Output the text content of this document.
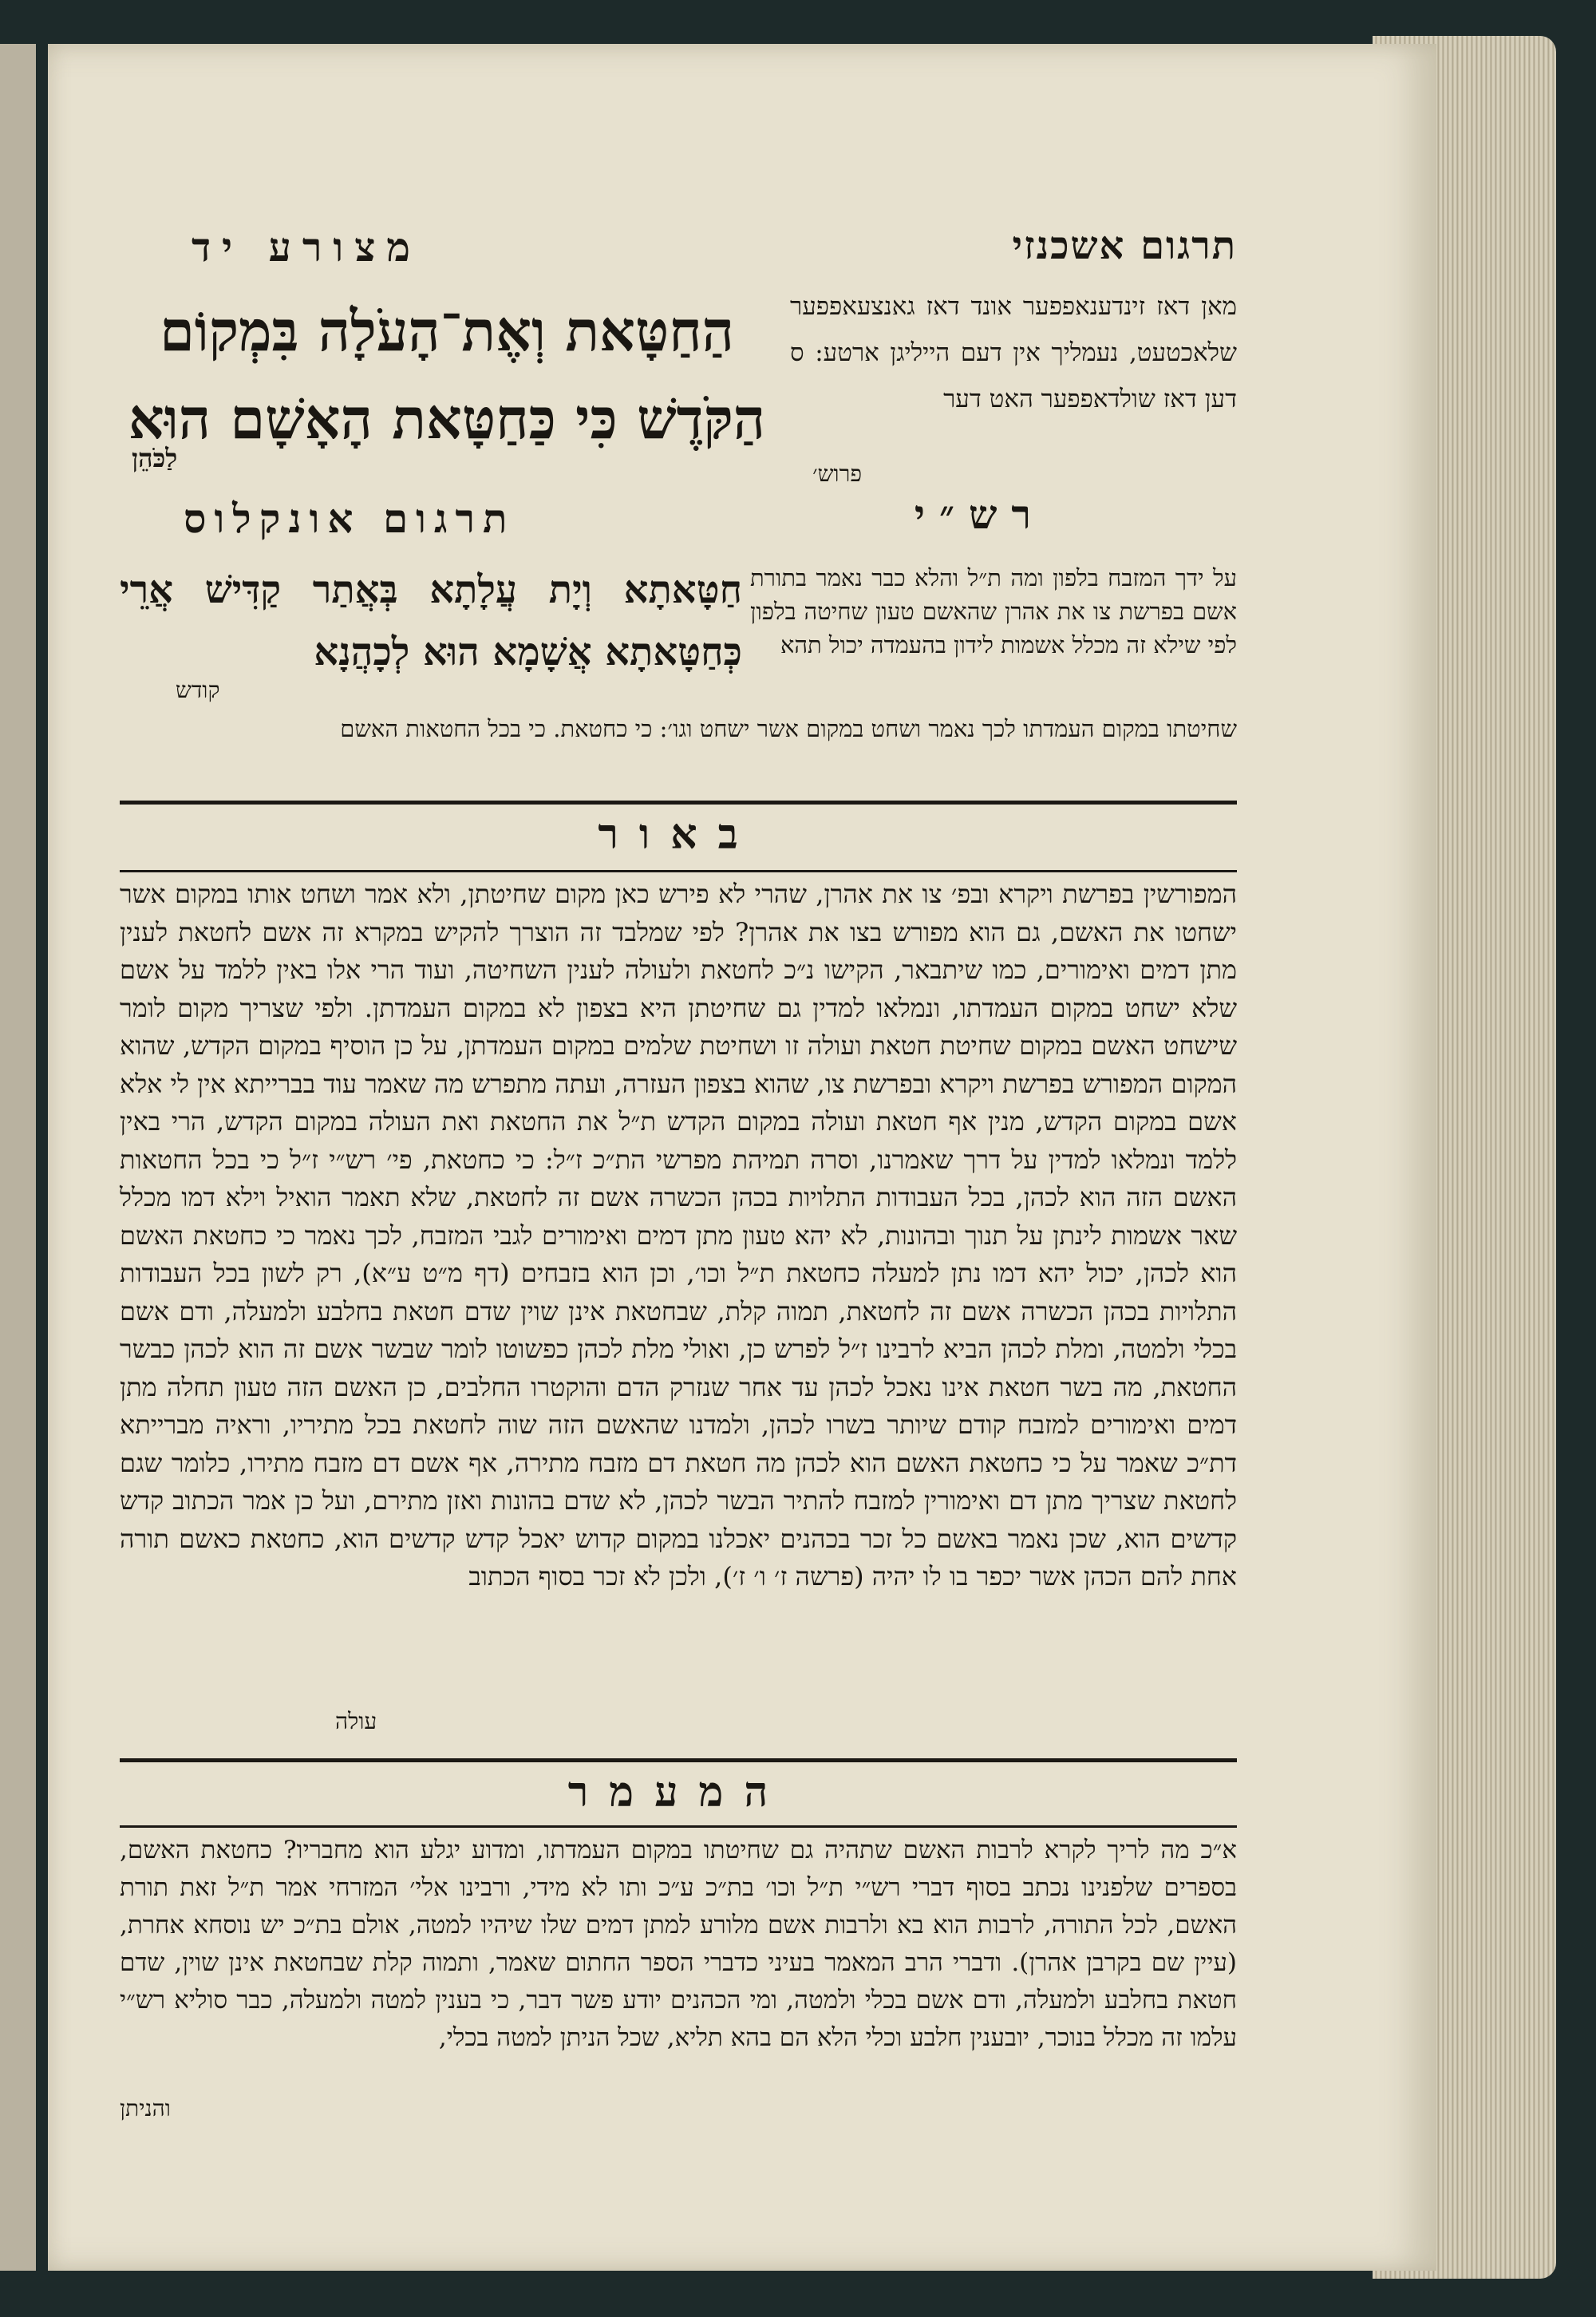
תרגום אשכנזי
מצורע יד
מאן דאז זינדענאפפער אונד דאז גאנצעאפפער שלאכטעט, נעמליך אין דעם הייליגן ארטע: ס דען דאז שולדאפפער האט דער
הַחַטָּאת וְאֶת־הָעֹלָה בִּמְקוֹם הַקֹּדֶשׁ כִּי כַּחַטָּאת הָאָשָׁם הוּא
לַכֹּהֵן
פרוש׳
רש״י
תרגום אונקלוס
על ידך המזבח בלפון ומה ת״ל והלא כבר נאמר בתורת אשם בפרשת צו את אהרן שהאשם טעון שחיטה בלפון לפי שילא זה מכלל אשמות לידון בהעמדה יכול תהא
חַטָּאתָא וְיָת עֲלָתָא בְּאֲתַר קַדִּישׁ אֲרֵי כְּחַטָּאתָא אֲשָׁמָא הוּא לְכָהֲנָא
קודש
שחיטתו במקום העמדתו לכך נאמר ושחט במקום אשר ישחט וגו׳: כי כחטאת. כי בכל החטאות האשם
באור
המפורשין בפרשת ויקרא ובפ׳ צו את אהרן, שהרי לא פירש כאן מקום שחיטתן, ולא אמר ושחט אותו במקום אשר ישחטו את האשם, גם הוא מפורש בצו את אהרן? לפי שמלבד זה הוצרך להקיש במקרא זה אשם לחטאת לענין מתן דמים ואימורים, כמו שיתבאר, הקישו נ״כ לחטאת ולעולה לענין השחיטה, ועוד הרי אלו באין ללמד על אשם שלא ישחט במקום העמדתו, ונמלאו למדין גם שחיטתן היא בצפון לא במקום העמדתן. ולפי שצריך מקום לומר שישחט האשם במקום שחיטת חטאת ועולה זו ושחיטת שלמים במקום העמדתן, על כן הוסיף במקום הקדש, שהוא המקום המפורש בפרשת ויקרא ובפרשת צו, שהוא בצפון העזרה, ועתה מתפרש מה שאמר עוד בברייתא אין לי אלא אשם במקום הקדש, מנין אף חטאת ועולה במקום הקדש ת״ל את החטאת ואת העולה במקום הקדש, הרי באין ללמד ונמלאו למדין על דרך שאמרנו, וסרה תמיהת מפרשי הת״כ ז״ל: כי כחטאת, פי׳ רש״י ז״ל כי בכל החטאות האשם הזה הוא לכהן, בכל העבודות התלויות בכהן הכשרה אשם זה לחטאת, שלא תאמר הואיל וילא דמו מכלל שאר אשמות לינתן על תנוך ובהונות, לא יהא טעון מתן דמים ואימורים לגבי המזבח, לכך נאמר כי כחטאת האשם הוא לכהן, יכול יהא דמו נתן למעלה כחטאת ת״ל וכו׳, וכן הוא בזבחים (דף מ״ט ע״א), רק לשון בכל העבודות התלויות בכהן הכשרה אשם זה לחטאת, תמוה קלת, שבחטאת אינן שוין שדם חטאת בחלבע ולמעלה, ודם אשם בכלי ולמטה, ומלת לכהן הביא לרבינו ז״ל לפרש כן, ואולי מלת לכהן כפשוטו לומר שבשר אשם זה הוא לכהן כבשר החטאת, מה בשר חטאת אינו נאכל לכהן עד אחר שנזרק הדם והוקטרו החלבים, כן האשם הזה טעון תחלה מתן דמים ואימורים למזבח קודם שיותר בשרו לכהן, ולמדנו שהאשם הזה שוה לחטאת בכל מתיריו, וראיה מברייתא דת״כ שאמר על כי כחטאת האשם הוא לכהן מה חטאת דם מזבח מתירה, אף אשם דם מזבח מתירו, כלומר שגם לחטאת שצריך מתן דם ואימורין למזבח להתיר הבשר לכהן, לא שדם בהונות ואזן מתירם, ועל כן אמר הכתוב קדש קדשים הוא, שכן נאמר באשם כל זכר בכהנים יאכלנו במקום קדוש יאכל קדש קדשים הוא, כחטאת כאשם תורה אחת להם הכהן אשר יכפר בו לו יהיה (פרשה ז׳ ו׳ ז׳), ולכן לא זכר בסוף הכתוב
עולה
המעמר
א״כ מה לריך לקרא לרבות האשם שתהיה גם שחיטתו במקום העמדתו, ומדוע יגלע הוא מחבריו? כחטאת האשם, בספרים שלפנינו נכתב בסוף דברי רש״י ת״ל וכו׳ בת״כ ע״כ ותו לא מידי, ורבינו אלי׳ המזרחי אמר ת״ל זאת תורת האשם, לכל התורה, לרבות הוא בא ולרבות אשם מלורע למתן דמים שלו שיהיו למטה, אולם בת״כ יש נוסחא אחרת, (עיין שם בקרבן אהרן). ודברי הרב המאמר בעיני כדברי הספר החתום שאמר, ותמוה קלת שבחטאת אינן שוין, שדם חטאת בחלבע ולמעלה, ודם אשם בכלי ולמטה, ומי הכהנים יודע פשר דבר, כי בענין למטה ולמעלה, כבר סוליא רש״י עלמו זה מכלל בנוכר, יובענין חלבע וכלי הלא הם בהא תליא, שכל הניתן למטה בכלי,
והניתן
